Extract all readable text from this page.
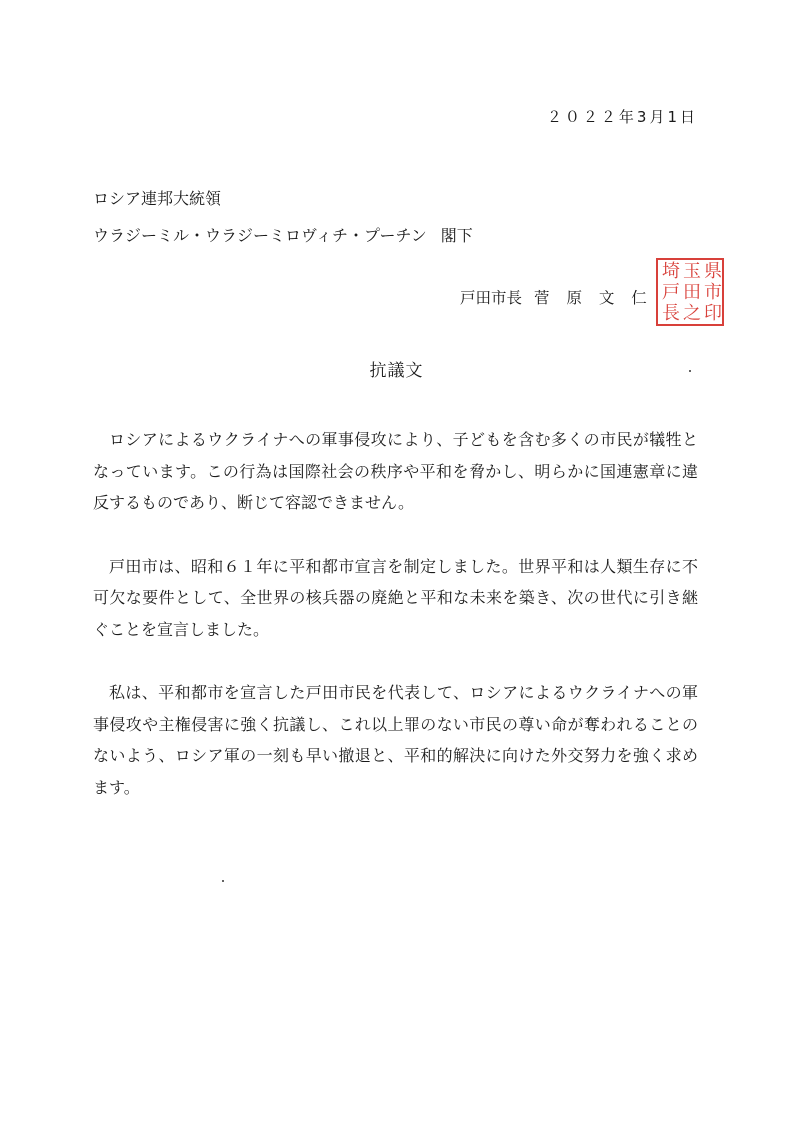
２０２２年3月1日
ロシア連邦大統領
ウラジーミル・ウラジーミロヴィチ・プーチン 閣下
戸田市長 菅 原 文 仁
埼
戸
長
玉
田
之
県
市
印
抗議文

ロシアによるウクライナへの軍事侵攻により、子どもを含む多くの市民が犠牲となっています。この行為は国際社会の秩序や平和を脅かし、明らかに国連憲章に違反するものであり、断じて容認できません。

戸田市は、昭和６１年に平和都市宣言を制定しました。世界平和は人類生存に不可欠な要件として、全世界の核兵器の廃絶と平和な未来を築き、次の世代に引き継ぐことを宣言しました。

私は、平和都市を宣言した戸田市民を代表して、ロシアによるウクライナへの軍事侵攻や主権侵害に強く抗議し、これ以上罪のない市民の尊い命が奪われることのないよう、ロシア軍の一刻も早い撤退と、平和的解決に向けた外交努力を強く求めます。
